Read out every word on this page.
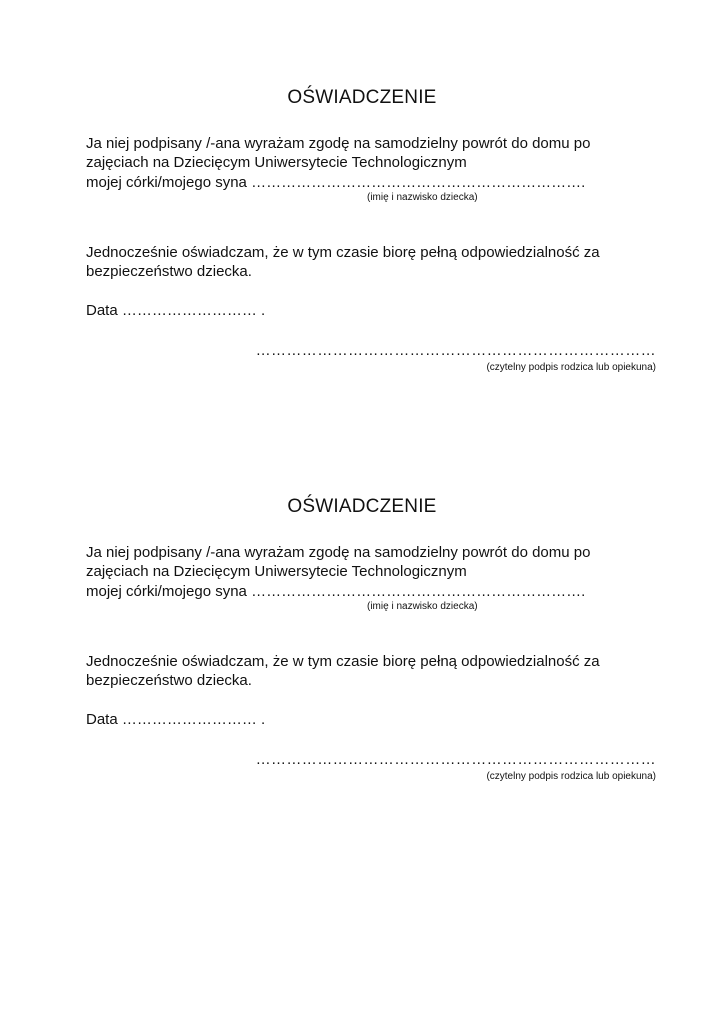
OŚWIADCZENIE
Ja niej podpisany /-ana wyrażam zgodę na samodzielny powrót do domu po
zajęciach na Dziecięcym Uniwersytecie Technologicznym
mojej córki/mojego syna ………………………………………………………….
(imię i nazwisko dziecka)
Jednocześnie oświadczam, że w tym czasie biorę pełną odpowiedzialność za
bezpieczeństwo dziecka.
Data ……………………… .
……………………………………………………………………
(czytelny podpis rodzica lub opiekuna)
OŚWIADCZENIE
Ja niej podpisany /-ana wyrażam zgodę na samodzielny powrót do domu po
zajęciach na Dziecięcym Uniwersytecie Technologicznym
mojej córki/mojego syna ………………………………………………………….
(imię i nazwisko dziecka)
Jednocześnie oświadczam, że w tym czasie biorę pełną odpowiedzialność za
bezpieczeństwo dziecka.
Data ……………………… .
……………………………………………………………………
(czytelny podpis rodzica lub opiekuna)
